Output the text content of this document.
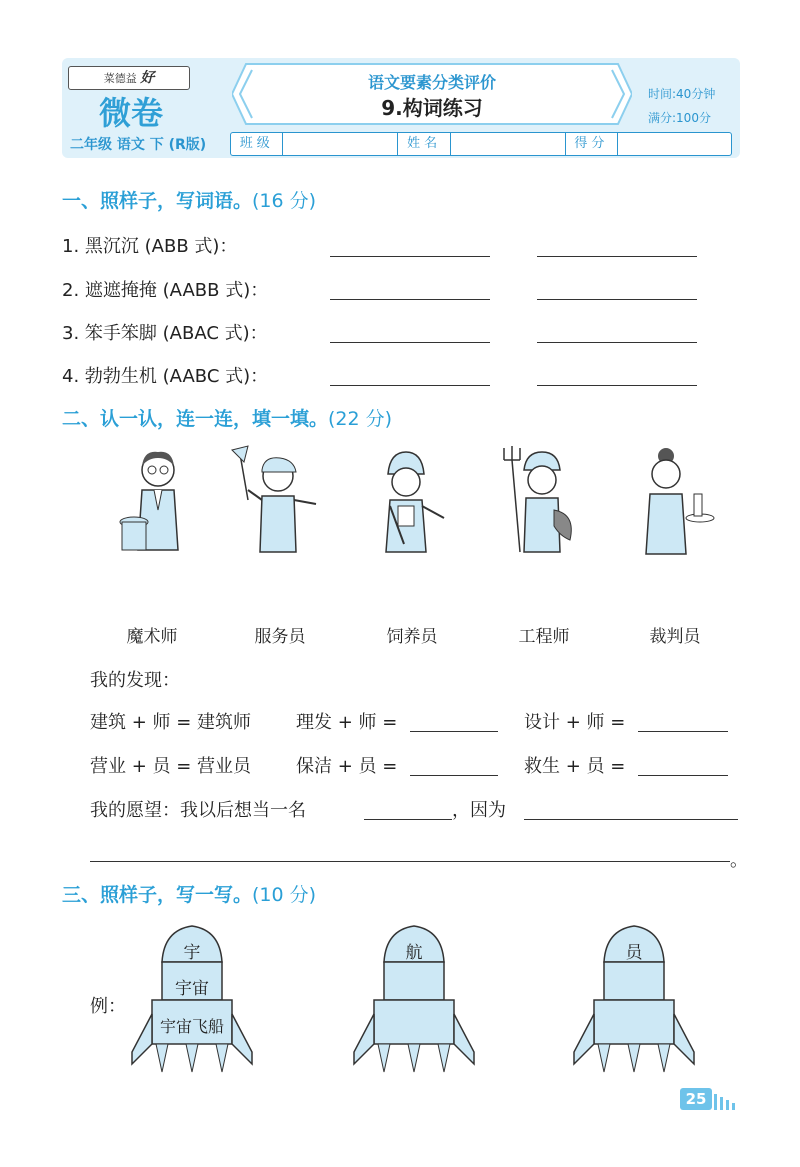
菜德益 好
微卷
二年级 语文 下 (R版)
语文要素分类评价
9.构词练习
时间:40分钟
满分:100分
班级	姓名	得分
一、照样子，写词语。(16 分)
1. 黑沉沉 (ABB 式)：
2. 遮遮掩掩 (AABB 式)：
3. 笨手笨脚 (ABAC 式)：
4. 勃勃生机 (AABC 式)：
二、认一认，连一连，填一填。(22 分)
魔术师	服务员	饲养员	工程师	裁判员
我的发现：
建筑 + 师 = 建筑师 理发 + 师 =	设计 + 师 =
营业 + 员 = 营业员 保洁 + 员 =	救生 + 员 =
我的愿望：我以后想当一名	，因为
。
三、照样子，写一写。(10 分)
例：
宇
宇宙
宇宙飞船
航	员
25
